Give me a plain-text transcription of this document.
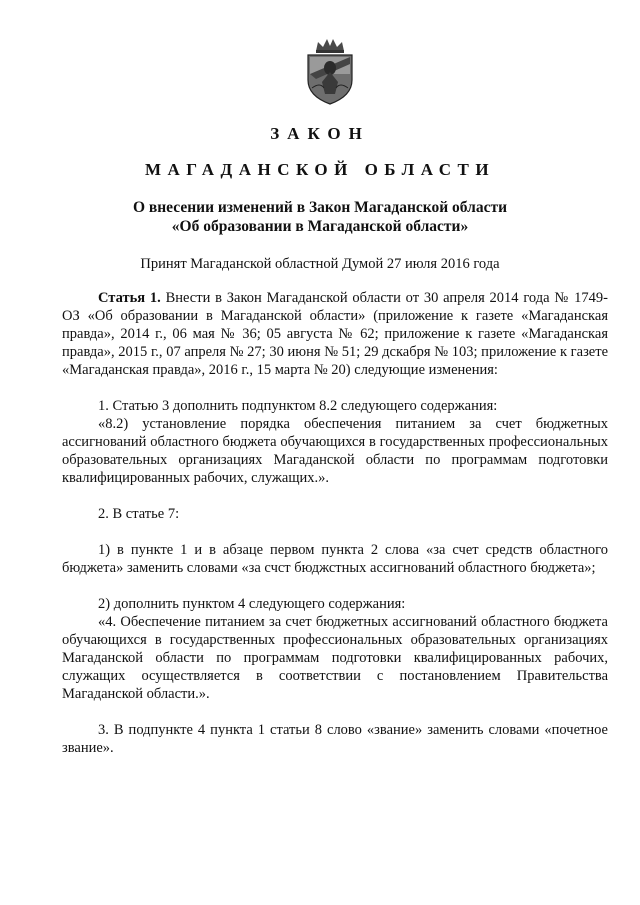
ЗАКОН
МАГАДАНСКОЙ ОБЛАСТИ
О внесении изменений в Закон Магаданской области
«Об образовании в Магаданской области»
Принят Магаданской областной Думой 27 июля 2016 года

Статья 1. Внести в Закон Магаданской области от 30 апреля 2014 года № 1749-ОЗ «Об образовании в Магаданской области» (приложение к газете «Магаданская правда», 2014 г., 06 мая № 36; 05 августа № 62; приложение к газете «Магаданская правда», 2015 г., 07 апреля № 27; 30 июня № 51; 29 дскабря № 103; приложение к газете «Магаданская правда», 2016 г., 15 марта № 20) следующие изменения:

1. Статью 3 дополнить подпунктом 8.2 следующего содержания:

«8.2) установление порядка обеспечения питанием за счет бюджетных ассигнований областного бюджета обучающихся в государственных профессиональных образовательных организациях Магаданской области по программам подготовки квалифицированных рабочих, служащих.».

2. В статье 7:

1) в пункте 1 и в абзаце первом пункта 2 слова «за счет средств областного бюджета» заменить словами «за счст бюджстных ассигнований областного бюджета»;

2) дополнить пунктом 4 следующего содержания:

«4. Обеспечение питанием за счет бюджетных ассигнований областного бюджета обучающихся в государственных профессиональных образовательных организациях Магаданской области по программам подготовки квалифицированных рабочих, служащих осуществляется в соответствии с постановлением Правительства Магаданской области.».

3. В подпункте 4 пункта 1 статьи 8 слово «звание» заменить словами «почетное звание».
